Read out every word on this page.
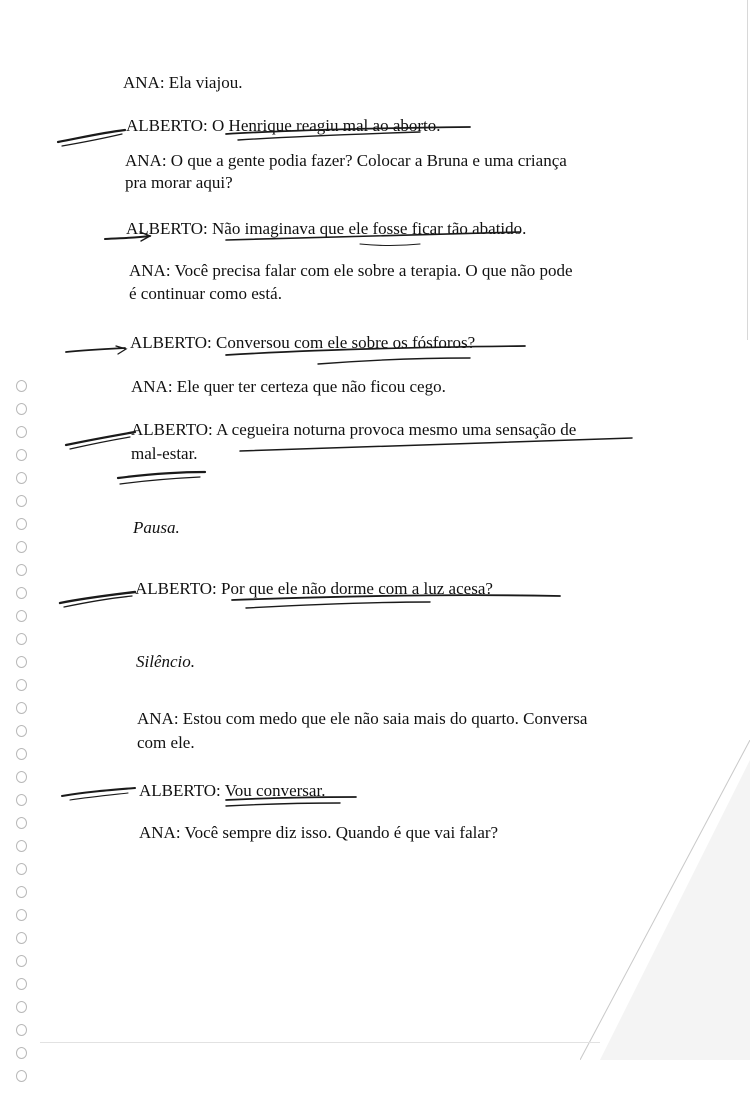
ANA: Ela viajou.
ALBERTO: O Henrique reagiu mal ao aborto.
ANA: O que a gente podia fazer? Colocar a Bruna e uma criança
pra morar aqui?
ALBERTO: Não imaginava que ele fosse ficar tão abatido.
ANA: Você precisa falar com ele sobre a terapia. O que não pode
é continuar como está.
ALBERTO: Conversou com ele sobre os fósforos?
ANA: Ele quer ter certeza que não ficou cego.
ALBERTO: A cegueira noturna provoca mesmo uma sensação de
mal-estar.
Pausa.
ALBERTO: Por que ele não dorme com a luz acesa?
Silêncio.
ANA: Estou com medo que ele não saia mais do quarto. Conversa
com ele.
ALBERTO: Vou conversar.
ANA: Você sempre diz isso. Quando é que vai falar?
